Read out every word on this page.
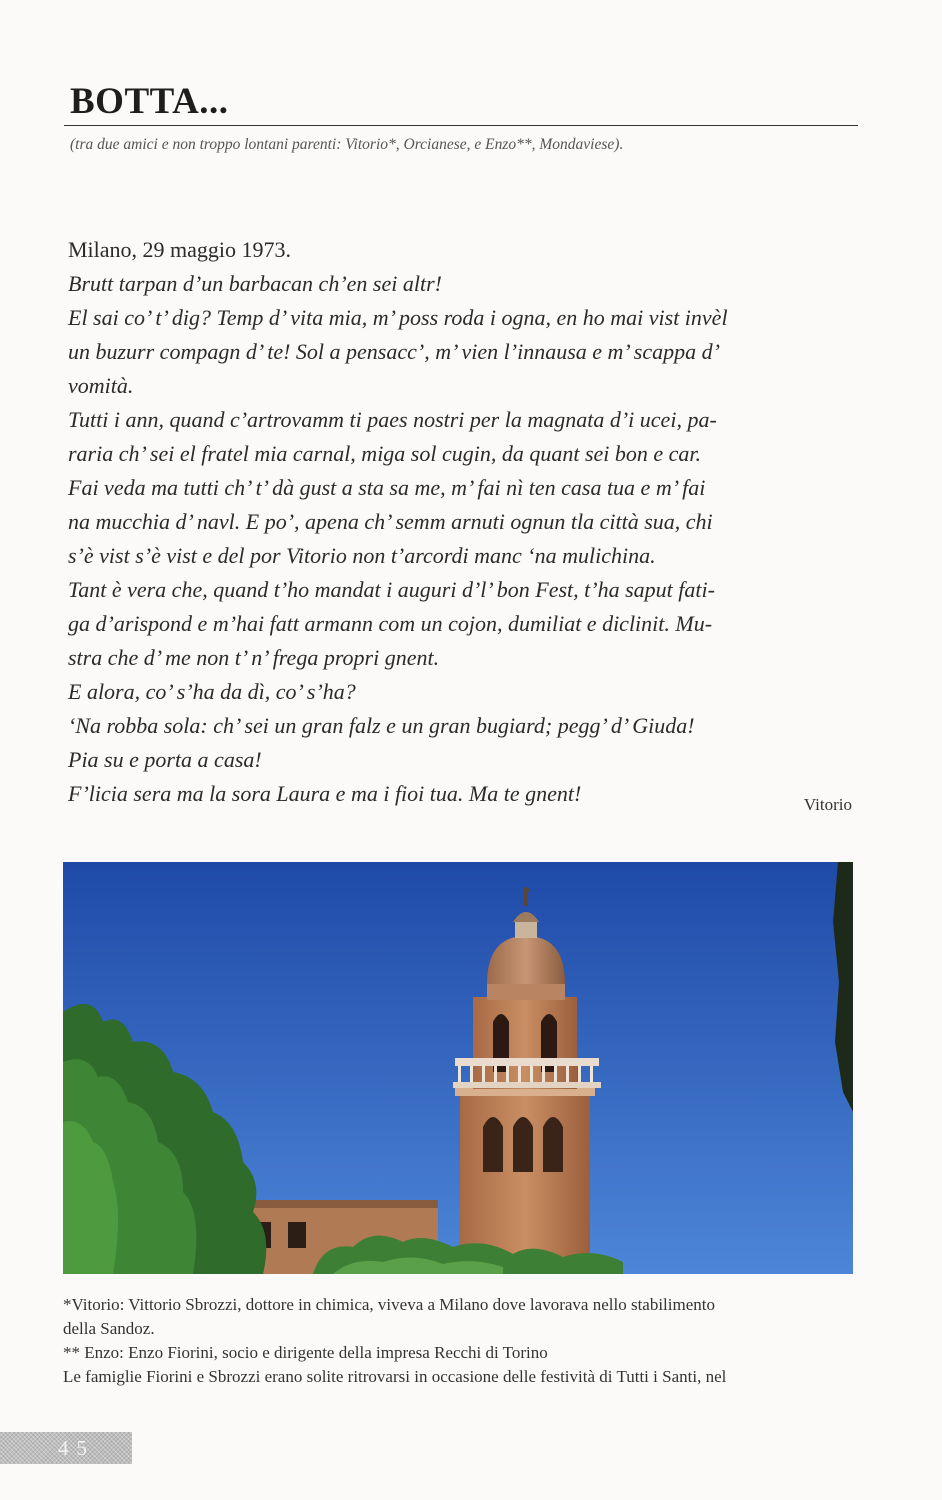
BOTTA...
(tra due amici e non troppo lontani parenti: Vitorio*, Orcianese, e Enzo**, Mondaviese).
Milano, 29 maggio 1973.
Brutt tarpan d’un barbacan ch’en sei altr!
El sai co’ t’ dig? Temp d’ vita mia, m’ poss roda i ogna, en ho mai vist invèl
un buzurr compagn d’ te! Sol a pensacc’, m’ vien l’innausa e m’ scappa d’
vomità.
Tutti i ann, quand c’artrovamm ti paes nostri per la magnata d’i ucei, pa-
raria ch’ sei el fratel mia carnal, miga sol cugin, da quant sei bon e car.
Fai veda ma tutti ch’ t’ dà gust a sta sa me, m’ fai nì ten casa tua e m’ fai
na mucchia d’ navl. E po’, apena ch’ semm arnuti ognun tla città sua, chi
s’è vist s’è vist e del por Vitorio non t’arcordi manc ‘na mulichina.
Tant è vera che, quand t’ho mandat i auguri d’l’ bon Fest, t’ha saput fati-
ga d’arispond e m’hai fatt armann com un cojon, dumiliat e diclinit. Mu-
stra che d’ me non t’ n’ frega propri gnent.
E alora, co’ s’ha da dì, co’ s’ha?
‘Na robba sola: ch’ sei un gran falz e un gran bugiard; pegg’ d’ Giuda!
Pia su e porta a casa!
F’licia sera ma la sora Laura e ma i fioi tua. Ma te gnent!	Vitorio
*Vitorio: Vittorio Sbrozzi, dottore in chimica, viveva a Milano dove lavorava nello stabilimento
della Sandoz.
** Enzo: Enzo Fiorini, socio e dirigente della impresa Recchi di Torino
Le famiglie Fiorini e Sbrozzi erano solite ritrovarsi in occasione delle festività di Tutti i Santi, nel
45
